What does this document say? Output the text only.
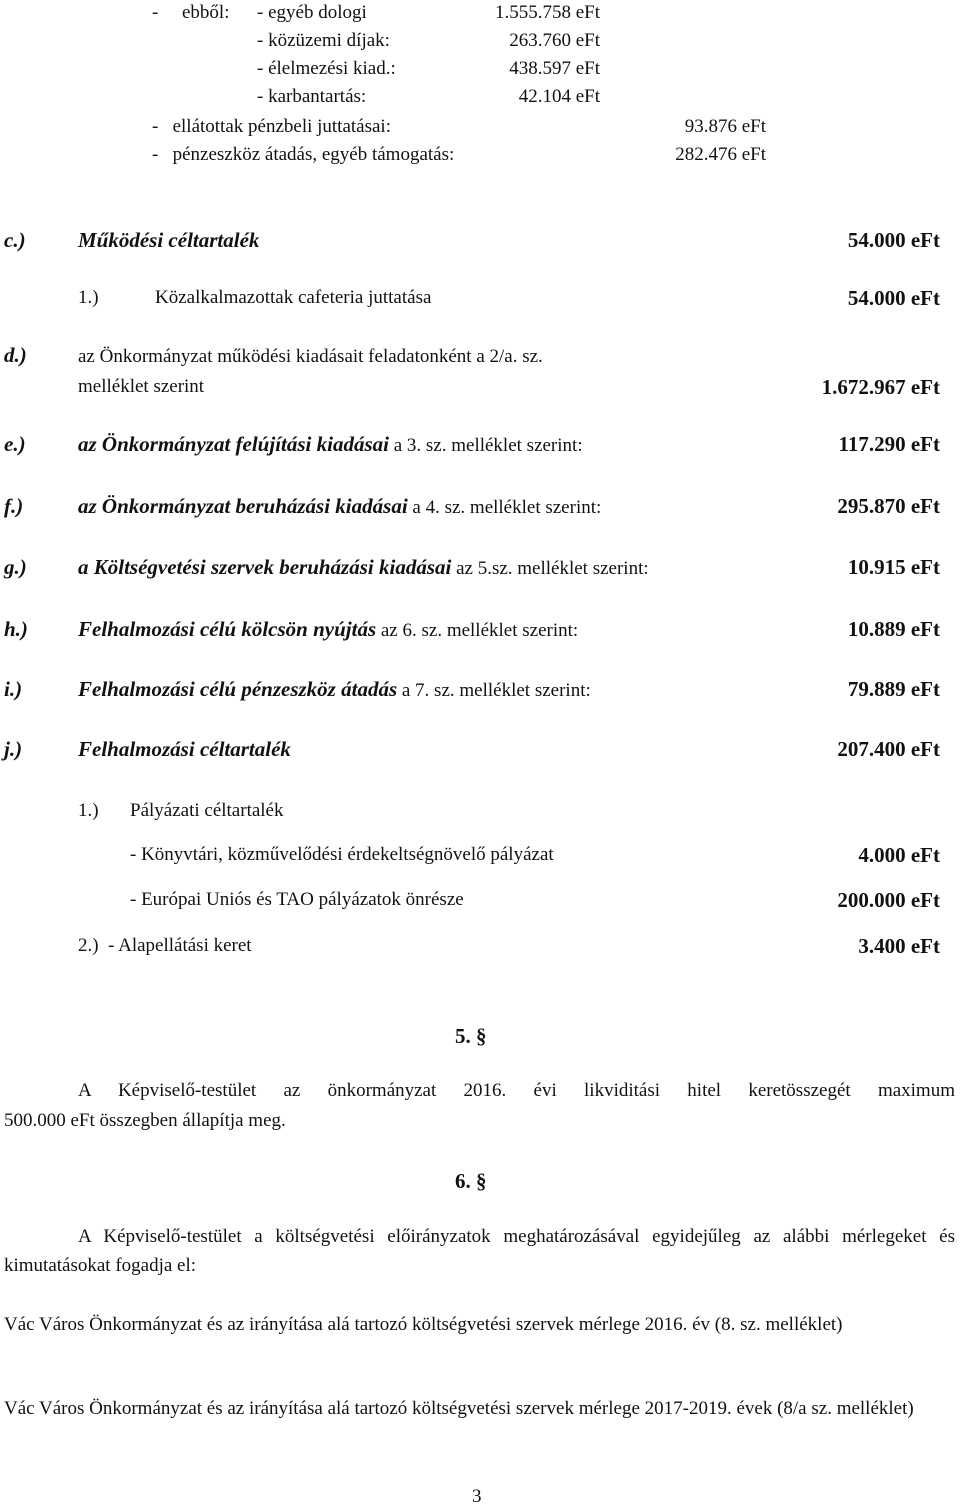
- ebből: - egyéb dologi	1.555.758 eFt
- közüzemi díjak:	263.760 eFt
- élelmezési kiad.:	438.597 eFt
- karbantartás:	42.104 eFt
-   ellátottak pénzbeli juttatásai:	93.876 eFt
-   pénzeszköz átadás, egyéb támogatás:	282.476 eFt
c.) Működési céltartalék	54.000 eFt
1.)	Közalkalmazottak cafeteria juttatása	54.000 eFt
d.)	az Önkormányzat működési kiadásait feladatonként a 2/a. sz.
melléklet szerint	1.672.967 eFt
e.) az Önkormányzat felújítási kiadásai a 3. sz. melléklet szerint:	117.290 eFt
f.)	az Önkormányzat beruházási kiadásai a 4. sz. melléklet szerint:	295.870 eFt
g.) a Költségvetési szervek beruházási kiadásai az 5.sz. melléklet szerint:	10.915 eFt
h.) Felhalmozási célú kölcsön nyújtás az 6. sz. melléklet szerint:	10.889 eFt
i.)	Felhalmozási célú pénzeszköz átadás a 7. sz. melléklet szerint:	79.889 eFt
j.)	Felhalmozási céltartalék	207.400 eFt
1.) Pályázati céltartalék
- Könyvtári, közművelődési érdekeltségnövelő pályázat	4.000 eFt
- Európai Uniós és TAO pályázatok önrésze	200.000 eFt
2.)  - Alapellátási keret	3.400 eFt
5. §
A Képviselő-testület az önkormányzat 2016. évi likviditási hitel keretösszegét maximum
500.000 eFt összegben állapítja meg.
6. §
A Képviselő-testület a költségvetési előirányzatok meghatározásával egyidejűleg az alábbi mérlegeket és kimutatásokat fogadja el:
Vác Város Önkormányzat és az irányítása alá tartozó költségvetési szervek mérlege 2016. év (8. sz. melléklet)
Vác Város Önkormányzat és az irányítása alá tartozó költségvetési szervek mérlege 2017-2019. évek (8/a sz. melléklet)
3
